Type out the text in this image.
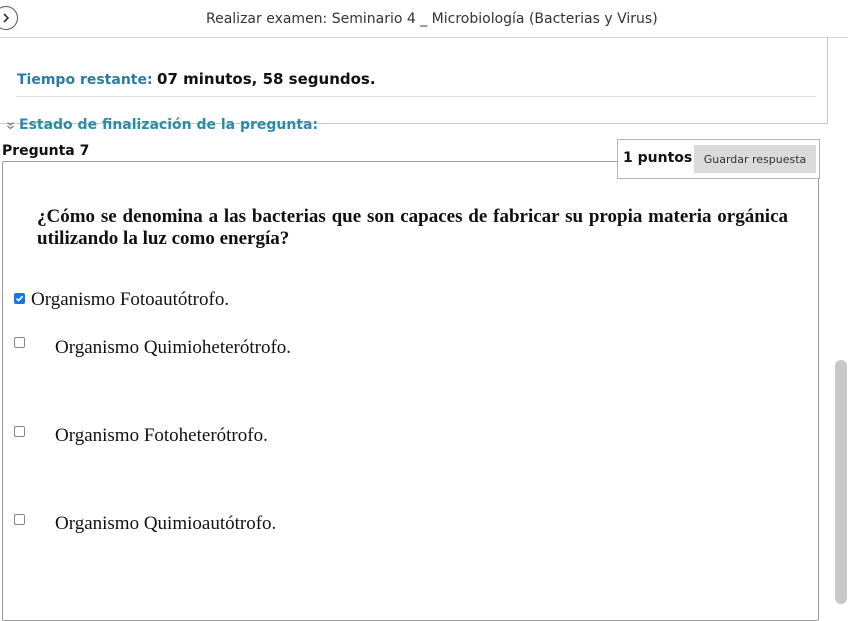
Realizar examen: Seminario 4 _ Microbiología (Bacterias y Virus)
Tiempo restante: 07 minutos, 58 segundos.
Estado de finalización de la pregunta:
Pregunta 7	1 puntos	Guardar respuesta
¿Cómo se denomina a las bacterias que son capaces de fabricar su propia materia orgánica utilizando la luz como energía?
Organismo Fotoautótrofo.
Organismo Quimioheterótrofo.
Organismo Fotoheterótrofo.
Organismo Quimioautótrofo.
